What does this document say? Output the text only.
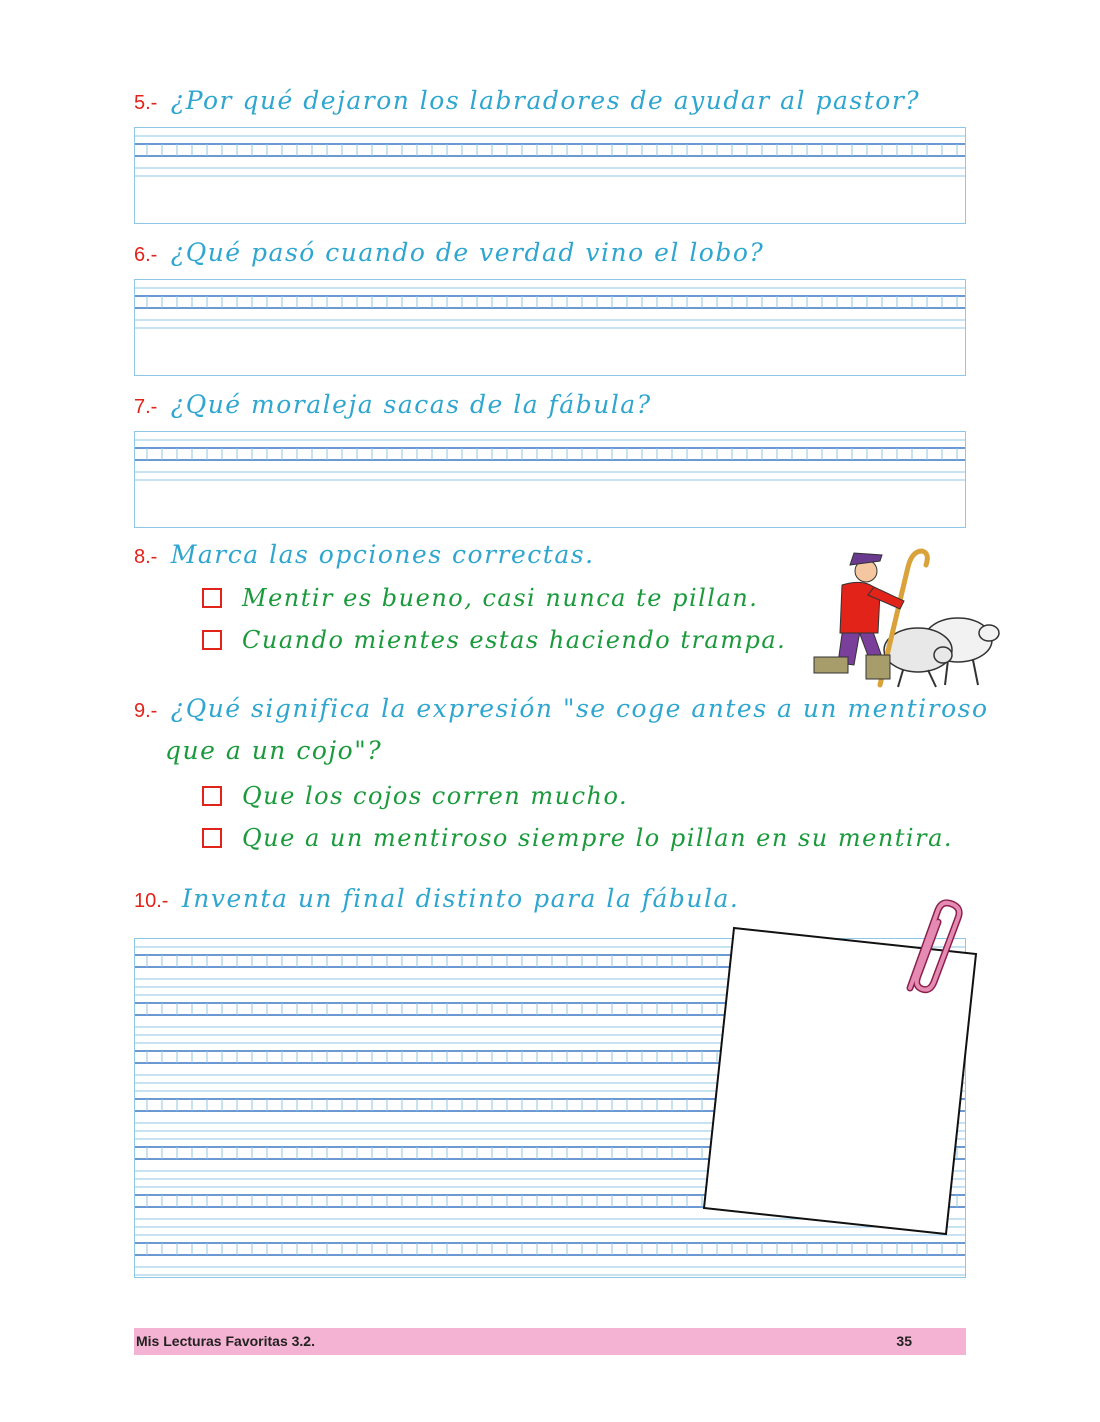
5.- ¿Por qué dejaron los labradores de ayudar al pastor?
6.- ¿Qué pasó cuando de verdad vino el lobo?
7.- ¿Qué moraleja sacas de la fábula?
8.- Marca las opciones correctas.
Mentir es bueno, casi nunca te pillan.
Cuando mientes estas haciendo trampa.
9.- ¿Qué significa la expresión "se coge antes a un mentiroso
que a un cojo"?
Que los cojos corren mucho.
Que a un mentiroso siempre lo pillan en su mentira.
10.- Inventa un final distinto para la fábula.
Mis Lecturas Favoritas 3.2.	35
